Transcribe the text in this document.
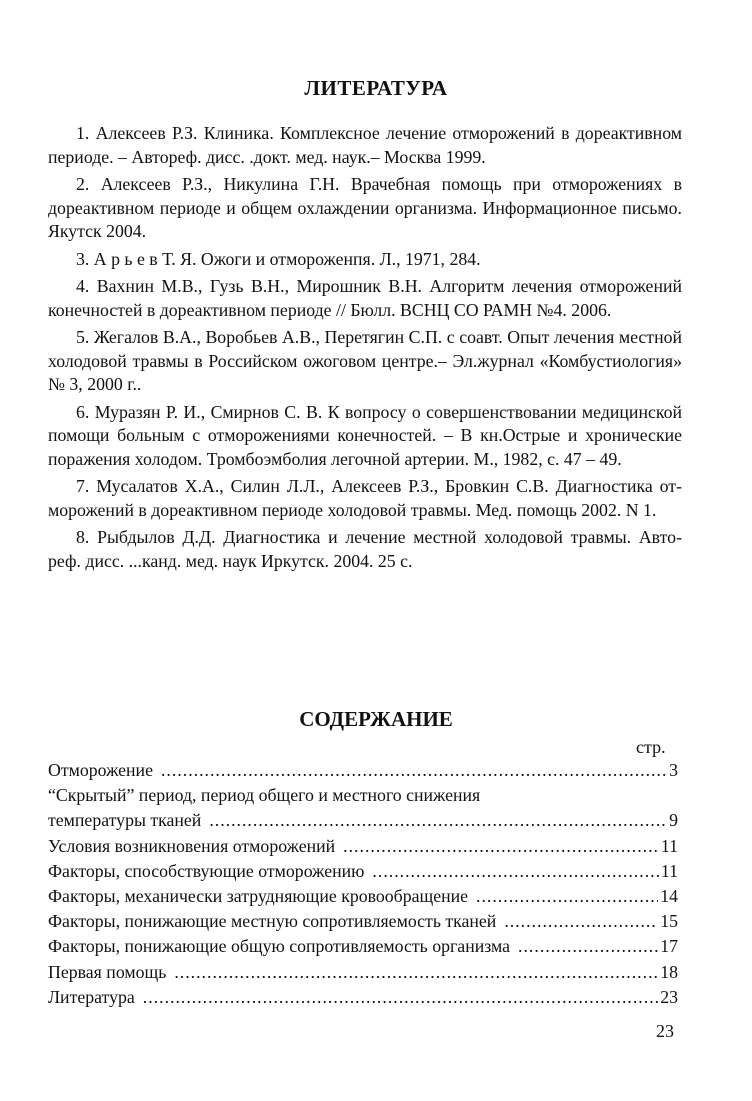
ЛИТЕРАТУРА

1. Алексеев Р.З. Клиника. Комплексное лечение отморожений в дореактивном периоде. – Автореф. дисс. .докт. мед. наук.– Москва 1999.

2. Алексеев Р.З., Никулина Г.Н. Врачебная помощь при отморожениях в дореактивном периоде и общем охлаждении организма. Информационное письмо. Якутск 2004.

3. А р ь е в Т. Я. Ожоги и отмороженпя. Л., 1971, 284.

4. Вахнин М.В., Гузь В.Н., Мирошник В.Н. Алгоритм лечения отморожений конечностей в дореактивном периоде // Бюлл. ВСНЦ СО РАМН №4. 2006.

5. Жегалов В.А., Воробьев А.В., Перетягин С.П. с соавт. Опыт лечения местной холодовой травмы в Российском ожоговом центре.– Эл.журнал «Комбустиология» № 3, 2000 г..

6. Муразян Р. И., Смирнов С. В. К вопросу о совершенствовании медицинской помощи больным с отморожениями конечностей. – В кн.Острые и хронические поражения холодом. Тромбоэмболия легочной артерии. М., 1982, с. 47 – 49.

7. Мусалатов Х.А., Силин Л.Л., Алексеев Р.З., Бровкин С.В. Диагностика от-морожений в дореактивном периоде холодовой травмы. Мед. помощь 2002. N 1.

8. Рыбдылов Д.Д. Диагностика и лечение местной холодовой травмы. Авто-реф. дисс. ...канд. мед. наук Иркутск. 2004. 25 с.

СОДЕРЖАНИЕ
стр.
Отморожение .....	3
“Скрытый” период, период общего и местного снижения
температуры тканей .....	9
Условия возникновения отморожений .....	11
Факторы, способствующие отморожению .....	11
Факторы, механически затрудняющие кровообращение .....	14
Факторы, понижающие местную сопротивляемость тканей .....	15
Факторы, понижающие общую сопротивляемость организма .....	17
Первая помощь .....	18
Литература .....	23
23
